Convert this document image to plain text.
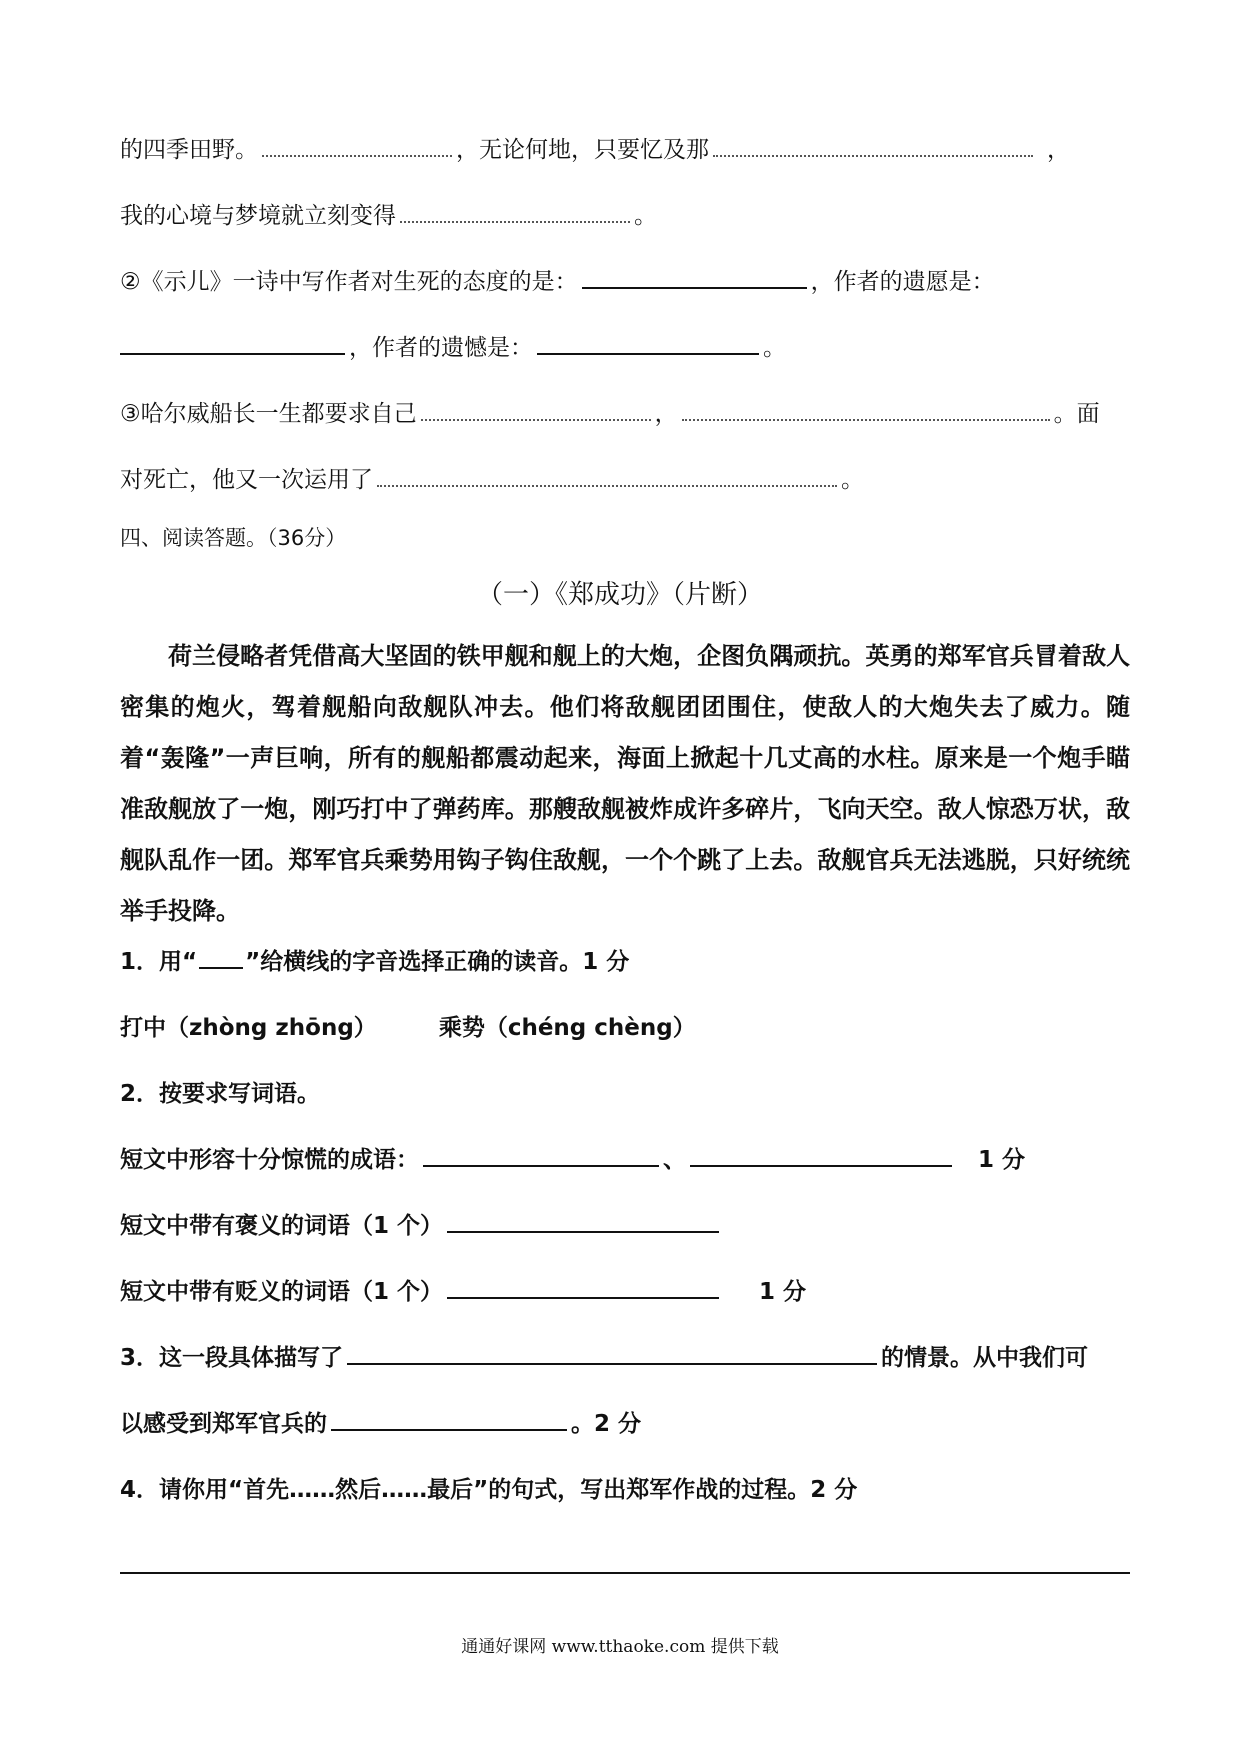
的四季田野。	，无论何地，只要忆及那	，
我的心境与梦境就立刻变得	。
②《示儿》一诗中写作者对生死的态度的是：	，作者的遗愿是：
，作者的遗憾是：	。
③哈尔威船长一生都要求自己	，	。面
对死亡，他又一次运用了	。
四、阅读答题。（36分）
（一）《郑成功》（片断）

荷兰侵略者凭借高大坚固的铁甲舰和舰上的大炮，企图负隅顽抗。英勇的郑军官兵冒着敌人密集的炮火，驾着舰船向敌舰队冲去。他们将敌舰团团围住，使敌人的大炮失去了威力。随着“轰隆”一声巨响，所有的舰船都震动起来，海面上掀起十几丈高的水柱。原来是一个炮手瞄准敌舰放了一炮，刚巧打中了弹药库。那艘敌舰被炸成许多碎片，飞向天空。敌人惊恐万状，敌舰队乱作一团。郑军官兵乘势用钩子钩住敌舰，一个个跳了上去。敌舰官兵无法逃脱，只好统统举手投降。

1．用“ ”给横线的字音选择正确的读音。1 分
打中（zhòng zhōng）	乘势（chéng chèng）
2．按要求写词语。
短文中形容十分惊慌的成语：	、	1 分
短文中带有褒义的词语（1 个）
短文中带有贬义的词语（1 个）	1 分
3．这一段具体描写了	的情景。从中我们可
以感受到郑军官兵的	。2 分
4．请你用“首先……然后……最后”的句式，写出郑军作战的过程。2 分
通通好课网 www.tthaoke.com 提供下载
